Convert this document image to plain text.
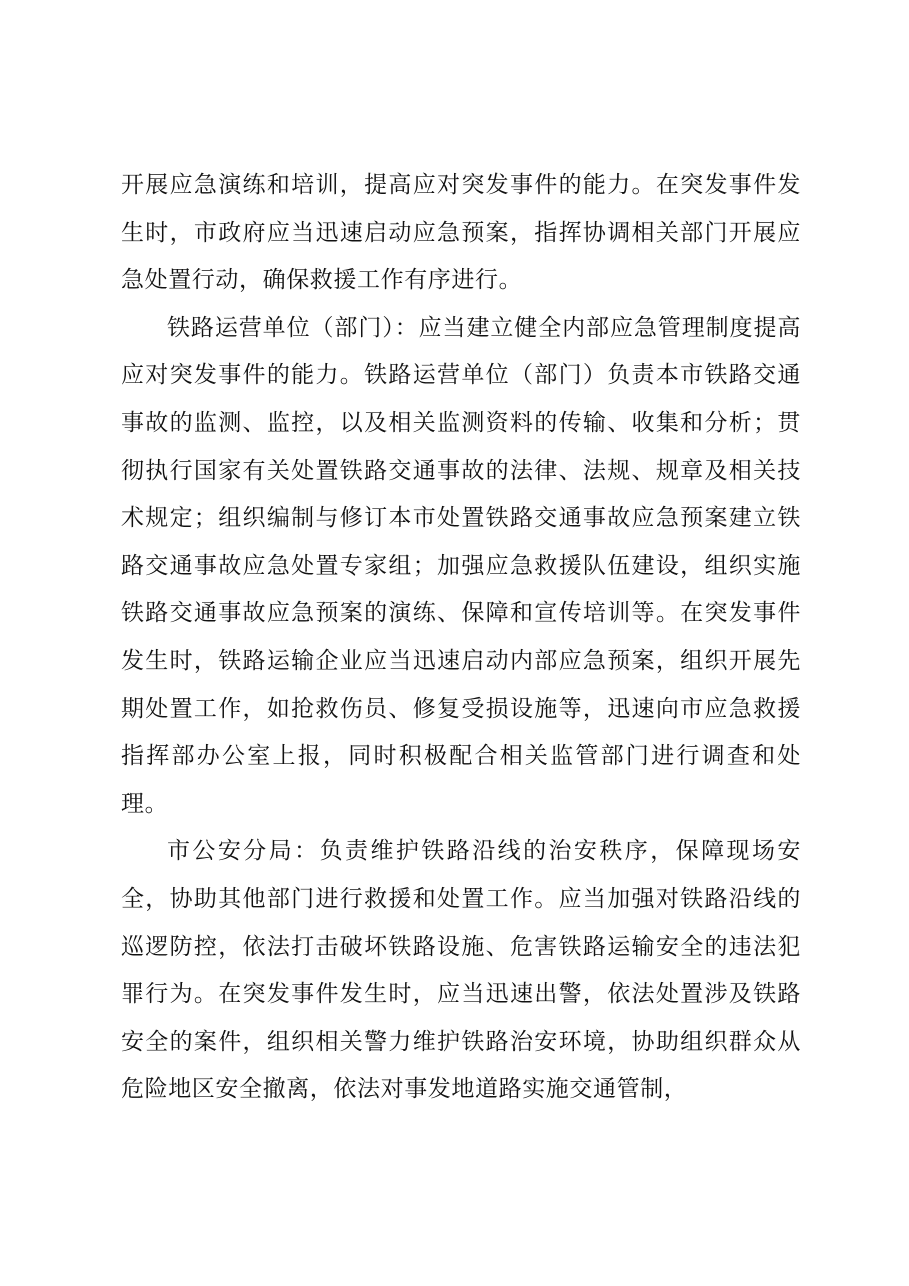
开展应急演练和培训，提高应对突发事件的能力。在突发事件发生时，市政府应当迅速启动应急预案，指挥协调相关部门开展应急处置行动，确保救援工作有序进行。

铁路运营单位（部门）：应当建立健全内部应急管理制度提高应对突发事件的能力。铁路运营单位（部门）负责本市铁路交通事故的监测、监控，以及相关监测资料的传输、收集和分析；贯彻执行国家有关处置铁路交通事故的法律、法规、规章及相关技术规定；组织编制与修订本市处置铁路交通事故应急预案建立铁路交通事故应急处置专家组；加强应急救援队伍建设，组织实施铁路交通事故应急预案的演练、保障和宣传培训等。在突发事件发生时，铁路运输企业应当迅速启动内部应急预案，组织开展先期处置工作，如抢救伤员、修复受损设施等，迅速向市应急救援指挥部办公室上报，同时积极配合相关监管部门进行调查和处理。

市公安分局：负责维护铁路沿线的治安秩序，保障现场安全，协助其他部门进行救援和处置工作。应当加强对铁路沿线的巡逻防控，依法打击破坏铁路设施、危害铁路运输安全的违法犯罪行为。在突发事件发生时，应当迅速出警，依法处置涉及铁路安全的案件，组织相关警力维护铁路治安环境，协助组织群众从危险地区安全撤离，依法对事发地道路实施交通管制，
